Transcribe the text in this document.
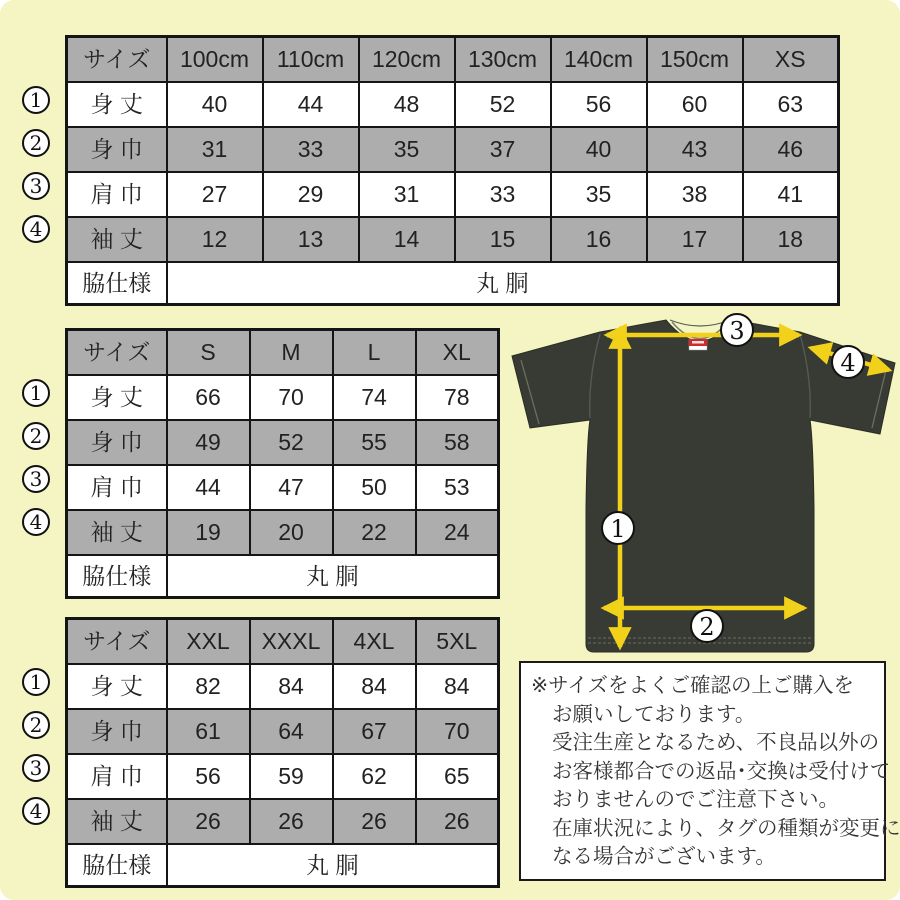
1
2
3
4
サイズ	100cm	110cm	120cm	130cm	140cm	150cm	XS
身 丈	40	44	48	52	56	60	63
身 巾	31	33	35	37	40	43	46
肩 巾	27	29	31	33	35	38	41
袖 丈	12	13	14	15	16	17	18
脇仕様	丸 胴						
1
2
3
4
サイズ	S	M	L	XL
身 丈	66	70	74	78
身 巾	49	52	55	58
肩 巾	44	47	50	53
袖 丈	19	20	22	24
脇仕様	丸 胴			
1
2
3
4
サイズ	XXL	XXXL	4XL	5XL
身 丈	82	84	84	84
身 巾	61	64	67	70
肩 巾	56	59	62	65
袖 丈	26	26	26	26
脇仕様	丸 胴			
1
2
3
4
※サイズをよくご確認の上ご購入を
お願いしております。
受注生産となるため、不良品以外の
お客様都合での返品･交換は受付けて
おりませんのでご注意下さい。
在庫状況により、タグの種類が変更に
なる場合がございます。
